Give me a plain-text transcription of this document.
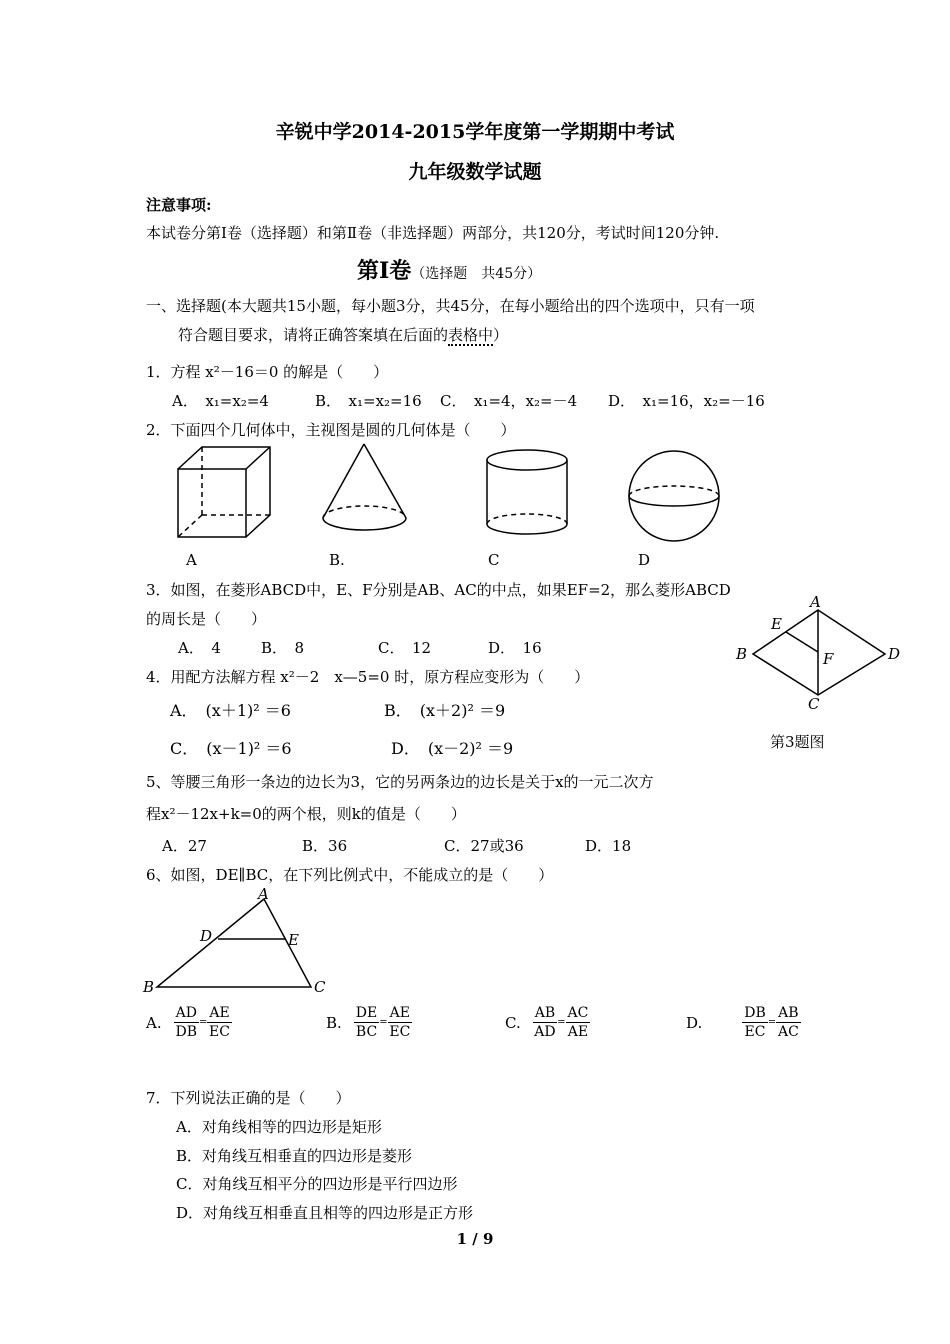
辛锐中学2014-2015学年度第一学期期中考试
九年级数学试题
注意事项:
本试卷分第Ⅰ卷（选择题）和第Ⅱ卷（非选择题）两部分，共120分，考试时间120分钟.
第Ⅰ卷（选择题　共45分）
一、选择题(本大题共15小题，每小题3分，共45分，在每小题给出的四个选项中，只有一项
符合题目要求，请将正确答案填在后面的表格中）
1．方程 x²－16＝0 的解是（　　）
A．　x₁=x₂=4	B．　x₁=x₂=16 C．　x₁=4，x₂=－4 D．　x₁=16，x₂=－16
2．下面四个几何体中，主视图是圆的几何体是（　　）
A	B.	C	D
3．如图，在菱形ABCD中，E、F分别是AB、AC的中点，如果EF=2，那么菱形ABCD
的周长是（　　）
A．　4	B．　8	C．　12	D．　16
A
B
C
D
E
F
第3题图
4．用配方法解方程 x²－2　x—5=0 时，原方程应变形为（　　）
A．　(x＋1)² ＝6	B．　(x＋2)² ＝9
C．　(x－1)² ＝6	D．　(x－2)² ＝9
5、等腰三角形一条边的边长为3，它的另两条边的边长是关于x的一元二次方
程x²－12x+k=0的两个根，则k的值是（　　）
A．27	B．36	C．27或36	D．18
6、如图，DE∥BC，在下列比例式中，不能成立的是（　　）
A
B	C
D	E
A. $\frac{AD}{DB} = \frac{AE}{EC}$	B. $\frac{DE}{BC} = \frac{AE}{EC}$	C. $\frac{AB}{AD} = \frac{AC}{AE}$	D.	$\frac{DB}{EC} = \frac{AB}{AC}$
7．下列说法正确的是（　　）
A．对角线相等的四边形是矩形
B．对角线互相垂直的四边形是菱形
C．对角线互相平分的四边形是平行四边形
D．对角线互相垂直且相等的四边形是正方形
1 / 9
